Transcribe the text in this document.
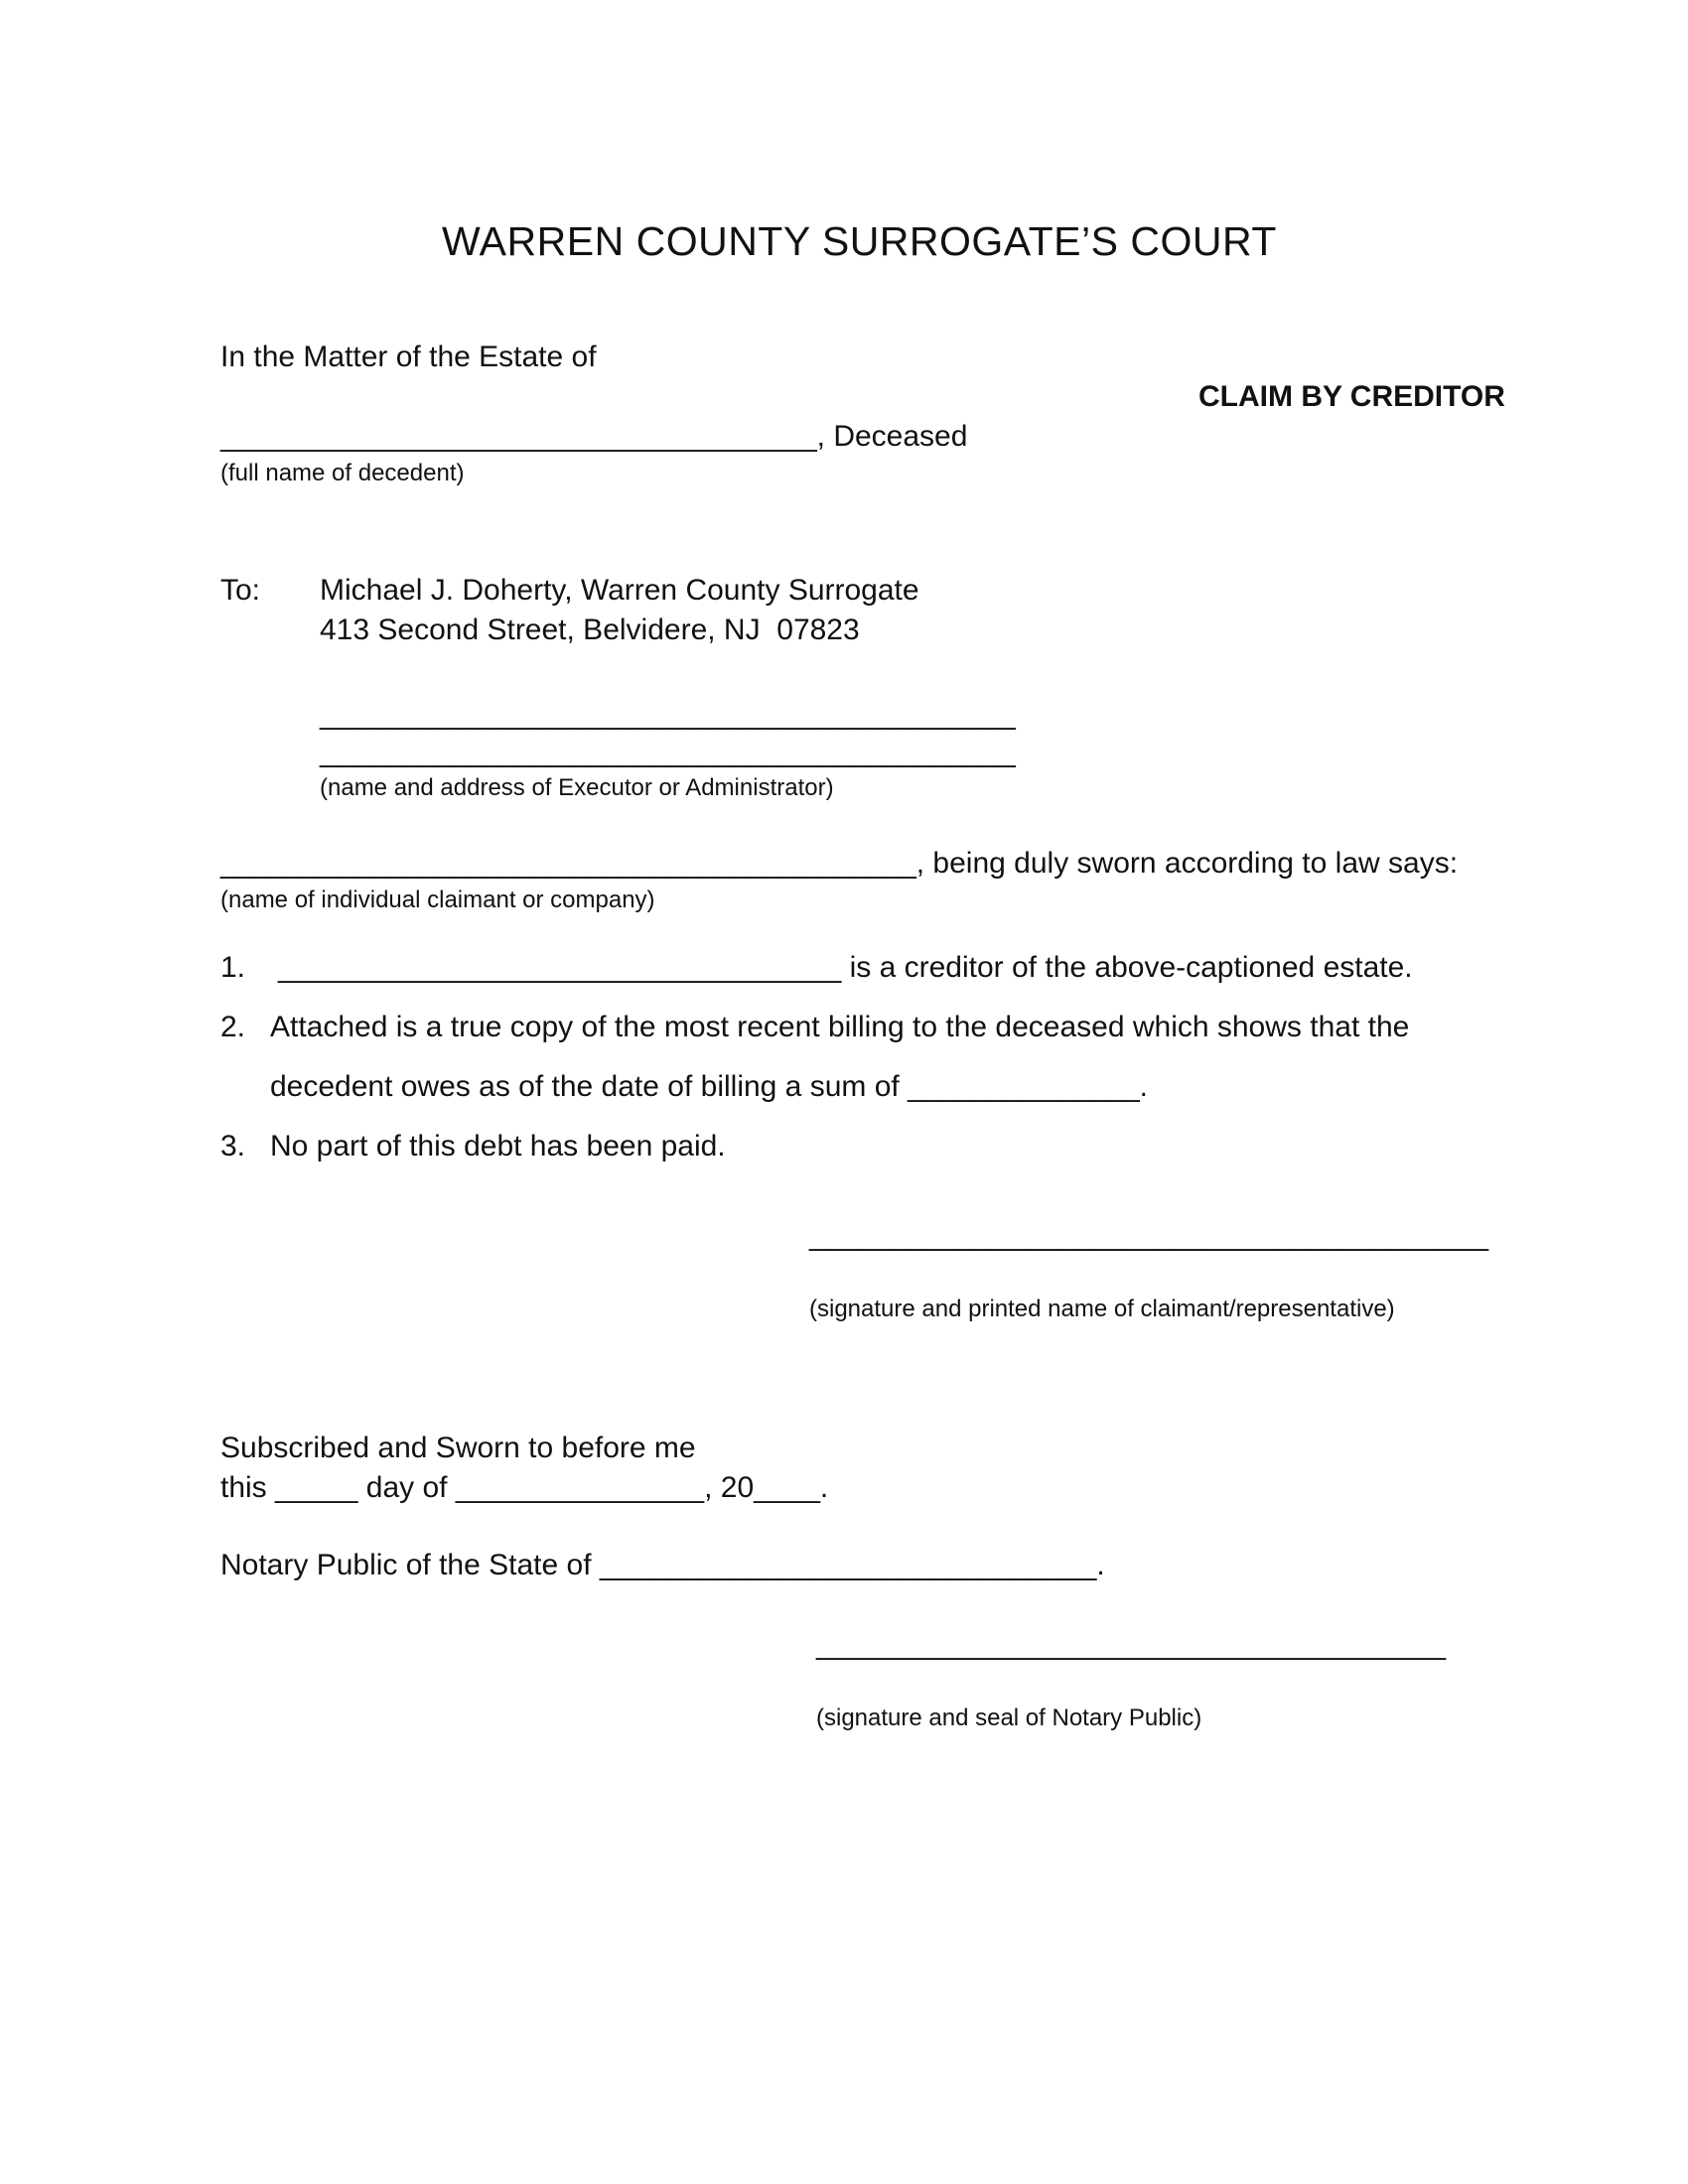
WARREN COUNTY SURROGATE’S COURT
In the Matter of the Estate of
CLAIM BY CREDITOR
____________________________________, Deceased
(full name of decedent)
To: Michael J. Doherty, Warren County Surrogate
413 Second Street, Belvidere, NJ  07823
__________________________________________
__________________________________________
(name and address of Executor or Administrator)
__________________________________________, being duly sworn according to law says:
(name of individual claimant or company)
1. __________________________________ is a creditor of the above-captioned estate.
2. Attached is a true copy of the most recent billing to the deceased which shows that the
decedent owes as of the date of billing a sum of ______________.
3. No part of this debt has been paid.
_________________________________________
(signature and printed name of claimant/representative)
Subscribed and Sworn to before me
this _____ day of _______________, 20____.
Notary Public of the State of ______________________________.
______________________________________
(signature and seal of Notary Public)
